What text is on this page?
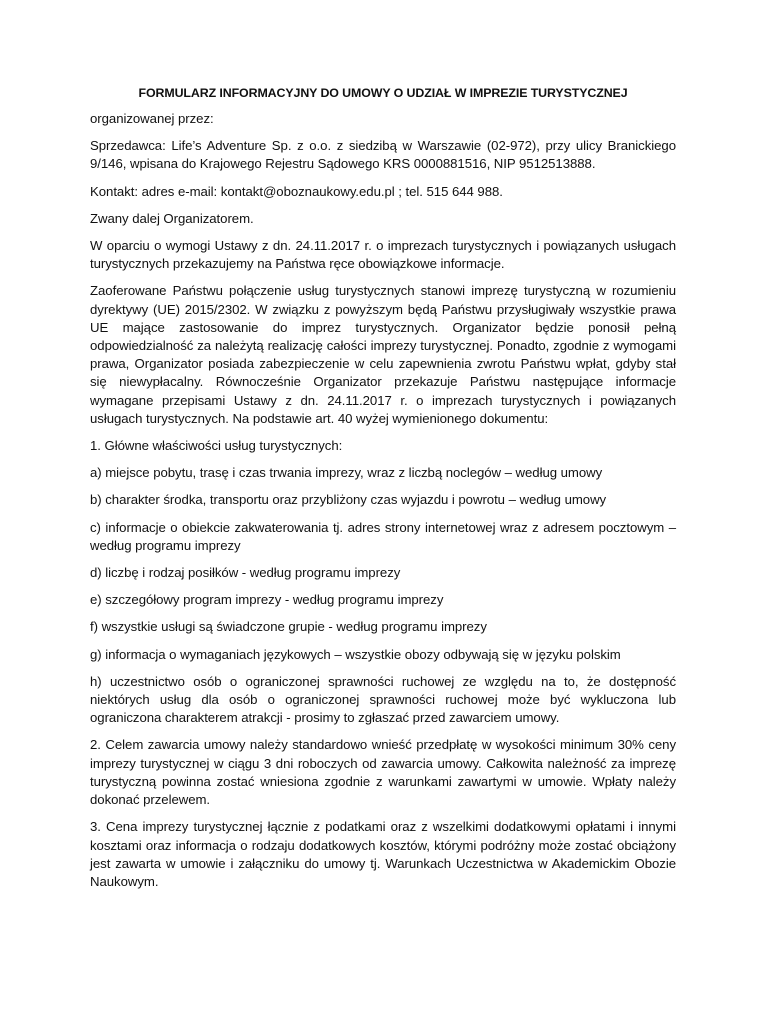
FORMULARZ INFORMACYJNY DO UMOWY O UDZIAŁ W IMPREZIE TURYSTYCZNEJ
organizowanej przez:
Sprzedawca: Life’s Adventure Sp. z o.o. z siedzibą w Warszawie (02-972), przy ulicy Branickiego 9/146, wpisana do Krajowego Rejestru Sądowego KRS 0000881516, NIP 9512513888.
Kontakt: adres e-mail: kontakt@oboznaukowy.edu.pl ; tel. 515 644 988.
Zwany dalej Organizatorem.
W oparciu o wymogi Ustawy z dn. 24.11.2017 r. o imprezach turystycznych i powiązanych usługach turystycznych przekazujemy na Państwa ręce obowiązkowe informacje.
Zaoferowane Państwu połączenie usług turystycznych stanowi imprezę turystyczną w rozumieniu dyrektywy (UE) 2015/2302. W związku z powyższym będą Państwu przysługiwały wszystkie prawa UE mające zastosowanie do imprez turystycznych. Organizator będzie ponosił pełną odpowiedzialność za należytą realizację całości imprezy turystycznej. Ponadto, zgodnie z wymogami prawa, Organizator posiada zabezpieczenie w celu zapewnienia zwrotu Państwu wpłat, gdyby stał się niewypłacalny. Równocześnie Organizator przekazuje Państwu następujące informacje wymagane przepisami Ustawy z dn. 24.11.2017 r. o imprezach turystycznych i powiązanych usługach turystycznych. Na podstawie art. 40 wyżej wymienionego dokumentu:
1. Główne właściwości usług turystycznych:
a) miejsce pobytu, trasę i czas trwania imprezy, wraz z liczbą noclegów – według umowy
b) charakter środka, transportu oraz przybliżony czas wyjazdu i powrotu – według umowy
c) informacje o obiekcie zakwaterowania tj. adres strony internetowej wraz z adresem pocztowym – według programu imprezy
d) liczbę i rodzaj posiłków - według programu imprezy
e) szczegółowy program imprezy - według programu imprezy
f) wszystkie usługi są świadczone grupie - według programu imprezy
g) informacja o wymaganiach językowych – wszystkie obozy odbywają się w języku polskim
h) uczestnictwo osób o ograniczonej sprawności ruchowej ze względu na to, że dostępność niektórych usług dla osób o ograniczonej sprawności ruchowej może być wykluczona lub ograniczona charakterem atrakcji - prosimy to zgłaszać przed zawarciem umowy.
2. Celem zawarcia umowy należy standardowo wnieść przedpłatę w wysokości minimum 30% ceny imprezy turystycznej w ciągu 3 dni roboczych od zawarcia umowy. Całkowita należność za imprezę turystyczną powinna zostać wniesiona zgodnie z warunkami zawartymi w umowie. Wpłaty należy dokonać przelewem.
3. Cena imprezy turystycznej łącznie z podatkami oraz z wszelkimi dodatkowymi opłatami i innymi kosztami oraz informacja o rodzaju dodatkowych kosztów, którymi podróżny może zostać obciążony jest zawarta w umowie i załączniku do umowy tj. Warunkach Uczestnictwa w Akademickim Obozie Naukowym.
